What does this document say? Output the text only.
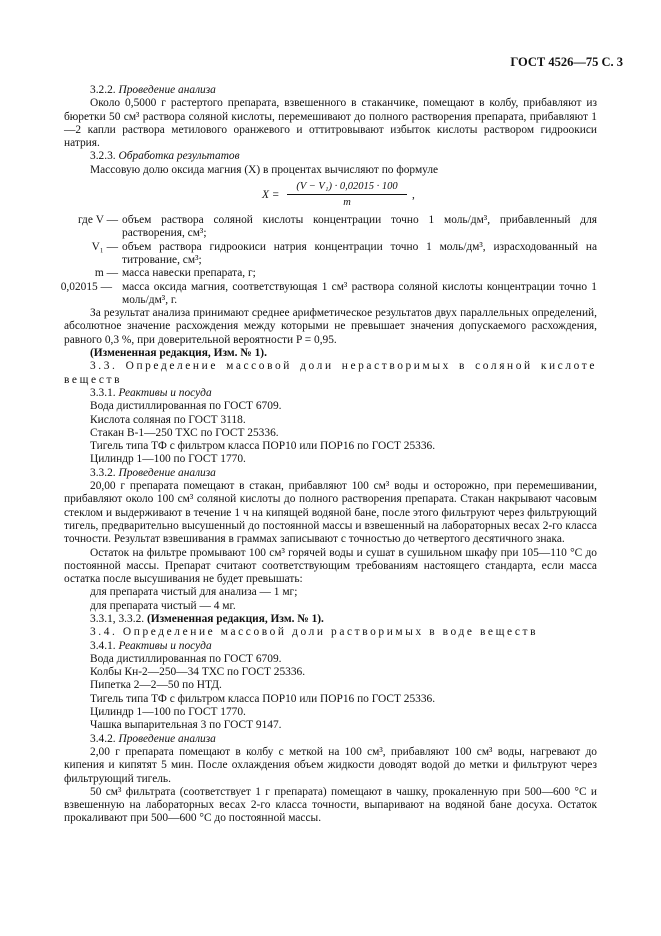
ГОСТ 4526—75 С. 3

3.2.2. Проведение анализа

Около 0,5000 г растертого препарата, взвешенного в стаканчике, помещают в колбу, прибавляют из бюретки 50 см³ раствора соляной кислоты, перемешивают до полного растворения препарата, прибавляют 1—2 капли раствора метилового оранжевого и оттитровывают избыток кислоты раствором гидроокиси натрия.

3.2.3. Обработка результатов

Массовую долю оксида магния (X) в процентах вычисляют по формуле

$X = \frac{\text{(V − V₁) · 0,02015 · 100}}{m}$ ,

где V — объем раствора соляной кислоты концентрации точно 1 моль/дм³, прибавленный для растворения, см³;

V₁ — объем раствора гидроокиси натрия концентрации точно 1 моль/дм³, израсходованный на титрование, см³;

m — масса навески препарата, г;

0,02015 — масса оксида магния, соответствующая 1 см³ раствора соляной кислоты концентрации точно 1 моль/дм³, г.

За результат анализа принимают среднее арифметическое результатов двух параллельных определений, абсолютное значение расхождения между которыми не превышает значения допускаемого расхождения, равного 0,3 %, при доверительной вероятности P = 0,95.

(Измененная редакция, Изм. № 1).

3.3. Определение массовой доли нерастворимых в соляной кислоте веществ

3.3.1. Реактивы и посуда

Вода дистиллированная по ГОСТ 6709.

Кислота соляная по ГОСТ 3118.

Стакан В-1—250 ТХС по ГОСТ 25336.

Тигель типа ТФ с фильтром класса ПОР10 или ПОР16 по ГОСТ 25336.

Цилиндр 1—100 по ГОСТ 1770.

3.3.2. Проведение анализа

20,00 г препарата помещают в стакан, прибавляют 100 см³ воды и осторожно, при перемешивании, прибавляют около 100 см³ соляной кислоты до полного растворения препарата. Стакан накрывают часовым стеклом и выдерживают в течение 1 ч на кипящей водяной бане, после этого фильтруют через фильтрующий тигель, предварительно высушенный до постоянной массы и взвешенный на лабораторных весах 2-го класса точности. Результат взвешивания в граммах записывают с точностью до четвертого десятичного знака.

Остаток на фильтре промывают 100 см³ горячей воды и сушат в сушильном шкафу при 105—110 °С до постоянной массы. Препарат считают соответствующим требованиям настоящего стандарта, если масса остатка после высушивания не будет превышать:

для препарата чистый для анализа — 1 мг;

для препарата чистый — 4 мг.

3.3.1, 3.3.2. (Измененная редакция, Изм. № 1).

3.4. Определение массовой доли растворимых в воде веществ

3.4.1. Реактивы и посуда

Вода дистиллированная по ГОСТ 6709.

Колбы Кн-2—250—34 ТХС по ГОСТ 25336.

Пипетка 2—2—50 по НТД.

Тигель типа ТФ с фильтром класса ПОР10 или ПОР16 по ГОСТ 25336.

Цилиндр 1—100 по ГОСТ 1770.

Чашка выпарительная 3 по ГОСТ 9147.

3.4.2. Проведение анализа

2,00 г препарата помещают в колбу с меткой на 100 см³, прибавляют 100 см³ воды, нагревают до кипения и кипятят 5 мин. После охлаждения объем жидкости доводят водой до метки и фильтруют через фильтрующий тигель.

50 см³ фильтрата (соответствует 1 г препарата) помещают в чашку, прокаленную при 500—600 °С и взвешенную на лабораторных весах 2-го класса точности, выпаривают на водяной бане досуха. Остаток прокаливают при 500—600 °С до постоянной массы.
